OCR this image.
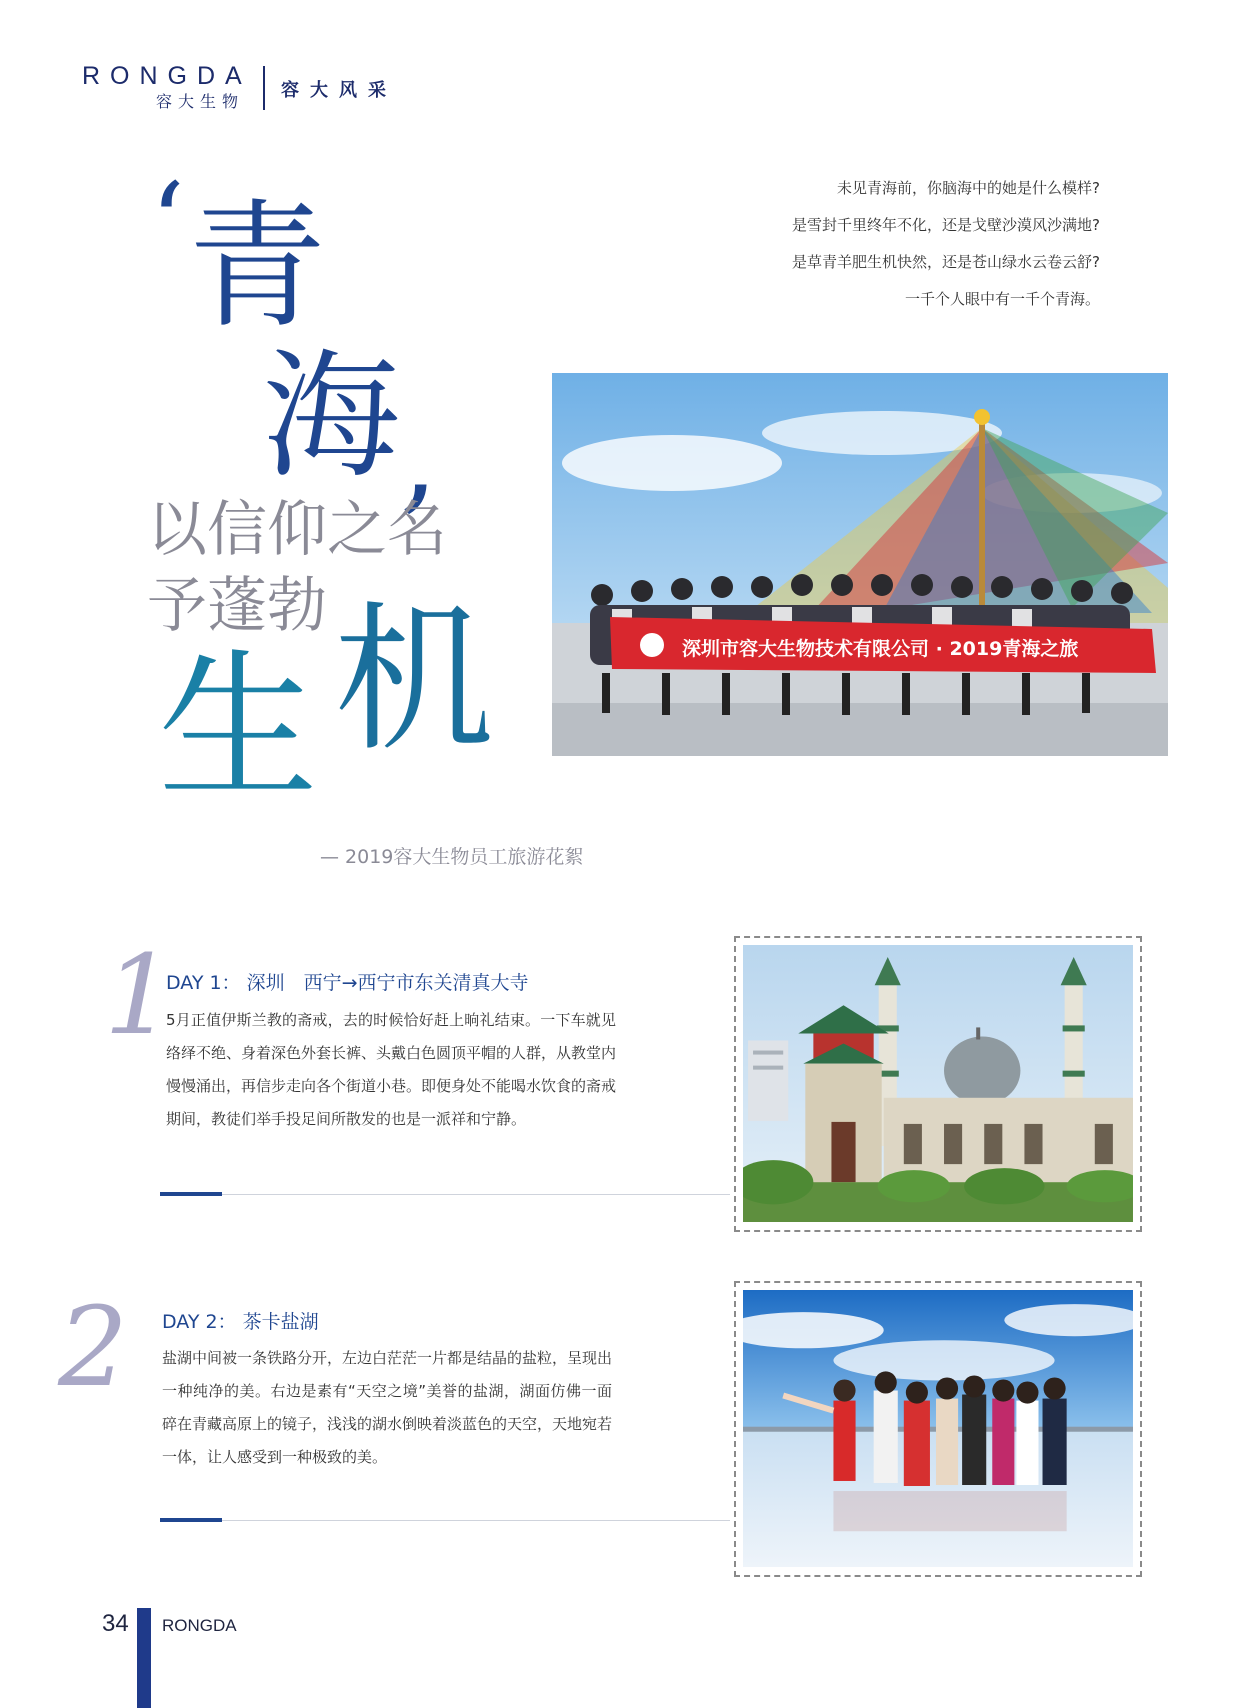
RONGDA
容大生物
容大风采
‘ 青
海 ,
以信仰之名
予蓬勃
生 机
— 2019容大生物员工旅游花絮
未见青海前，你脑海中的她是什么模样?
是雪封千里终年不化，还是戈壁沙漠风沙满地?
是草青羊肥生机快然，还是苍山绿水云卷云舒?
一千个人眼中有一千个青海。
深圳市容大生物技术有限公司 · 2019青海之旅
1
DAY 1： 深圳　西宁→西宁市东关清真大寺
5月正值伊斯兰教的斋戒，去的时候恰好赶上晌礼结束。一下车就见络绎不绝、身着深色外套长裤、头戴白色圆顶平帽的人群，从教堂内慢慢涌出，再信步走向各个街道小巷。即便身处不能喝水饮食的斋戒期间，教徒们举手投足间所散发的也是一派祥和宁静。
2 DAY 2： 茶卡盐湖
盐湖中间被一条铁路分开，左边白茫茫一片都是结晶的盐粒，呈现出一种纯净的美。右边是素有“天空之境”美誉的盐湖，湖面仿佛一面碎在青藏高原上的镜子，浅浅的湖水倒映着淡蓝色的天空，天地宛若一体，让人感受到一种极致的美。
34 RONGDA
